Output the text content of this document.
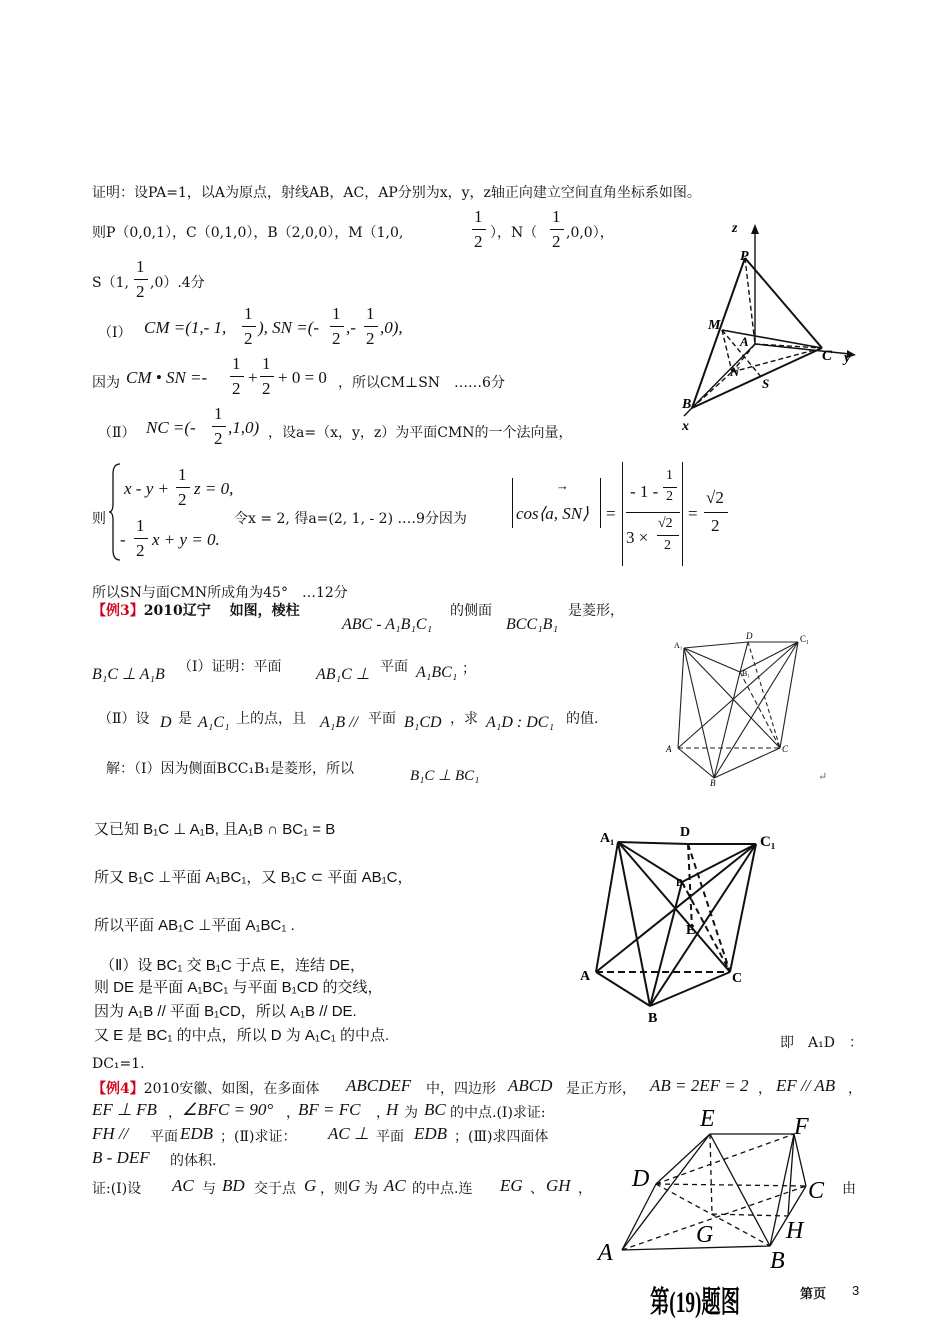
证明：设PA=1，以A为原点，射线AB，AC，AP分别为x，y，z轴正向建立空间直角坐标系如图。
则P（0,0,1），C（0,1,0），B（2,0,0），M（1,0,
1
2 ），N（
1
2 ,0,0），
S（1,
1
2 ,0）.4分
（Ⅰ） CM =(1,- 1,
1
2
), SN =(-
1
2
,-
1
2
,0),
因为 CM • SN =-
1
2
+
1
2
+ 0 = 0 ，所以CM⊥SN　……6分
（Ⅱ） NC =(-
1
2
,1,0) ，设a=（x，y，z）为平面CMN的一个法向量，
则
x - y +
1
2
z = 0,
-
1
2
x + y = 0.
令x = 2, 得a=(2, 1, - 2) .…9分因为
→
cos⟨a, SN⟩ =
- 1 -
1
2
3 ×
√2
2
=
√2
2
所以SN与面CMN所成角为45°　…12分
z
P
M
A
C y
N
S
B
x
【例3】2010辽宁　 如图，棱柱
ABC - A₁B₁C₁
的侧面
BCC₁B₁
是菱形，
B₁C ⊥ A₁B （Ⅰ）证明：平面 AB₁C ⊥ 平面 A₁BC₁ ；
（Ⅱ）设 D 是 A₁C₁ 上的点，且 A₁B // 平面 B₁CD ，求 A₁D : DC₁ 的值.
解：（Ⅰ）因为侧面BCC₁B₁是菱形，所以	B₁C ⊥ BC₁
又已知 B₁C ⊥ A₁B, 且A₁B ∩ BC₁ = B
所又 B₁C ⊥平面 A₁BC₁，又 B₁C ⊂ 平面 AB₁C，
所以平面 AB₁C ⊥平面 A₁BC₁ .
（Ⅱ）设 BC₁ 交 B₁C 于点 E，连结 DE，
则 DE 是平面 A₁BC₁ 与平面 B₁CD 的交线，
因为 A₁B // 平面 B₁CD，所以 A₁B // DE.
又 E 是 BC₁ 的中点，所以 D 为 A₁C₁ 的中点.	即　A₁D　：
DC₁=1.
A₁
D	C₁
B₁
A
B
C
↵
A₁	D
C₁
B₁
E
A	C
B
【例4】2010安徽、如图，在多面体 ABCDEF 中，四边形 ABCD 是正方形， AB = 2EF = 2 ， EF // AB ，
EF ⊥ FB ， ∠BFC = 90° ，
BF = FC ，
H 为 BC 的中点.(Ⅰ)求证:
FH // 平面 EDB ；(Ⅱ)求证： AC ⊥ 平面 EDB ；(Ⅲ)求四面体
B - DEF 的体积.
证:(Ⅰ)设 AC 与 BD 交于点 G ，则 G 为 AC 的中点.连 EG 、 GH ，	由
E	F
D	C
G	H
A	B
第(19)题图 第页 3
